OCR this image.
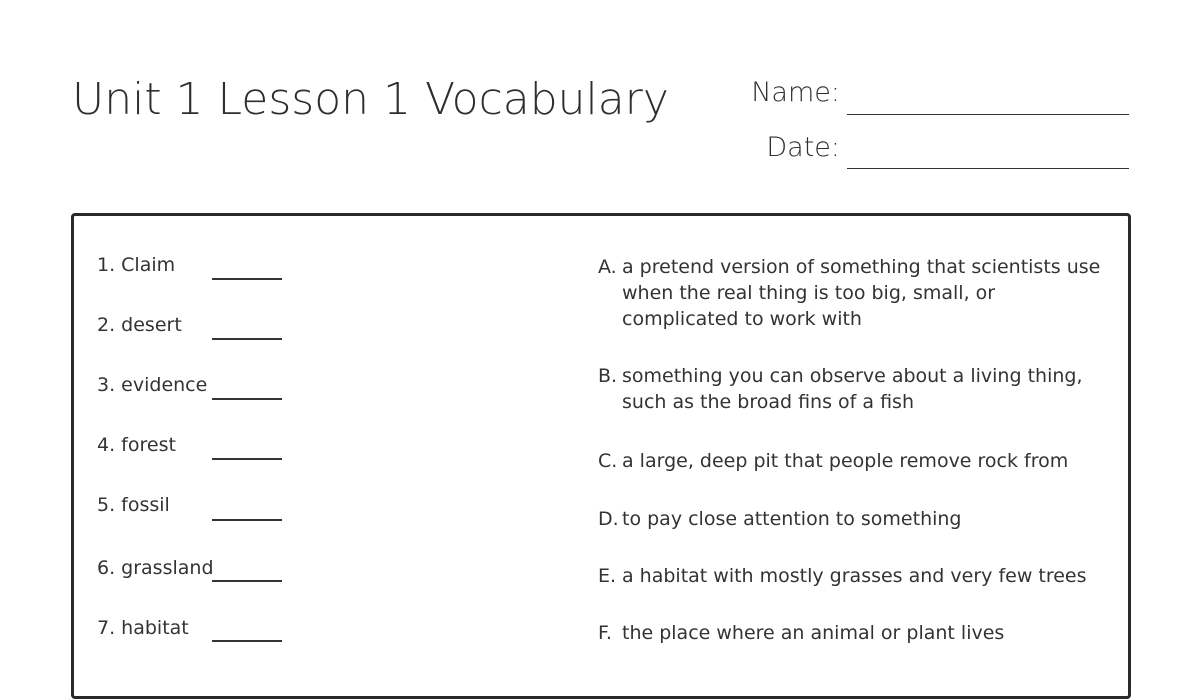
Unit 1 Lesson 1 Vocabulary	Name:
Date:
1. Claim
2. desert
3. evidence
4. forest
5. fossil
6. grassland
7. habitat
A. a pretend version of something that scientists use when the real thing is too big, small, or complicated to work with
B. something you can observe about a living thing, such as the broad fins of a fish
C. a large, deep pit that people remove rock from
D. to pay close attention to something
E. a habitat with mostly grasses and very few trees
F. the place where an animal or plant lives
